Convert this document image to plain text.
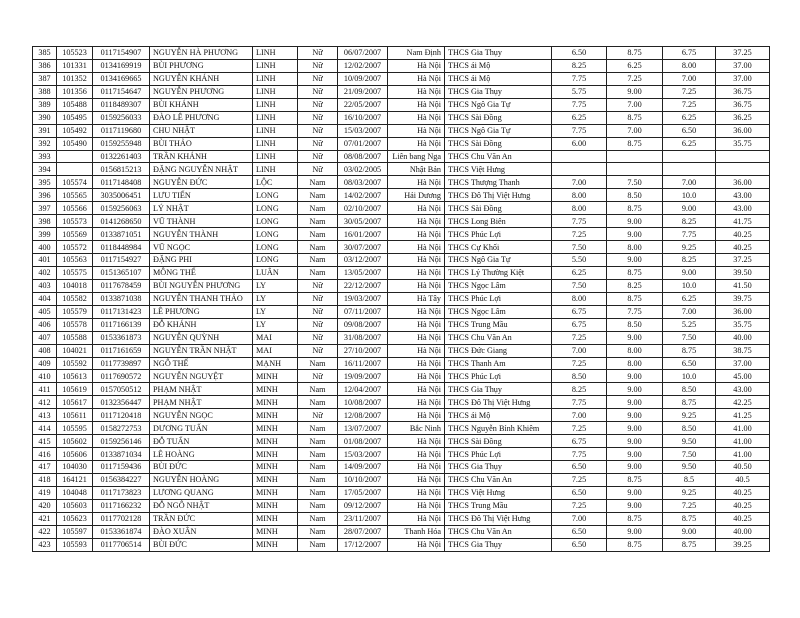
385	105523	0117154907	NGUYỄN HÀ PHƯƠNG	LINH	Nữ	06/07/2007	Nam Định	THCS Gia Thụy	6.50	8.75	6.75	37.25
386	101331	0134169919	BÙI PHƯƠNG	LINH	Nữ	12/02/2007	Hà Nội	THCS ái Mộ	8.25	6.25	8.00	37.00
387	101352	0134169665	NGUYỄN KHÁNH	LINH	Nữ	10/09/2007	Hà Nội	THCS ái Mộ	7.75	7.25	7.00	37.00
388	101356	0117154647	NGUYỄN PHƯƠNG	LINH	Nữ	21/09/2007	Hà Nội	THCS Gia Thụy	5.75	9.00	7.25	36.75
389	105488	0118489307	BÙI KHÁNH	LINH	Nữ	22/05/2007	Hà Nội	THCS Ngô Gia Tự	7.75	7.00	7.25	36.75
390	105495	0159256033	ĐÀO LÊ PHƯƠNG	LINH	Nữ	16/10/2007	Hà Nội	THCS Sài Đồng	6.25	8.75	6.25	36.25
391	105492	0117119680	CHU NHẬT	LINH	Nữ	15/03/2007	Hà Nội	THCS Ngô Gia Tự	7.75	7.00	6.50	36.00
392	105490	0159255948	BÙI THẢO	LINH	Nữ	07/01/2007	Hà Nội	THCS Sài Đồng	6.00	8.75	6.25	35.75
393		0132261403	TRẦN KHÁNH	LINH	Nữ	08/08/2007	Liên bang Nga	THCS Chu Văn An				
394		0156815213	ĐẶNG NGUYỄN NHẬT	LINH	Nữ	03/02/2005	Nhật Bản	THCS Việt Hưng				
395	105574	0117148408	NGUYỄN ĐỨC	LỘC	Nam	08/03/2007	Hà Nội	THCS Thượng Thanh	7.00	7.50	7.00	36.00
396	105565	3035006451	LƯU TIẾN	LONG	Nam	14/02/2007	Hải Dương	THCS Đô Thị Việt Hưng	8.00	8.50	10.0	43.00
397	105566	0159256063	LÝ NHẬT	LONG	Nam	02/10/2007	Hà Nội	THCS Sài Đồng	8.00	8.75	9.00	43.00
398	105573	0141268650	VŨ THÀNH	LONG	Nam	30/05/2007	Hà Nội	THCS Long Biên	7.75	9.00	8.25	41.75
399	105569	0133871051	NGUYỄN THÀNH	LONG	Nam	16/01/2007	Hà Nội	THCS Phúc Lợi	7.25	9.00	7.75	40.25
400	105572	0118448984	VŨ NGỌC	LONG	Nam	30/07/2007	Hà Nội	THCS Cự Khối	7.50	8.00	9.25	40.25
401	105563	0117154927	ĐẶNG PHI	LONG	Nam	03/12/2007	Hà Nội	THCS Ngô Gia Tự	5.50	9.00	8.25	37.25
402	105575	0151365107	MÔNG THẾ	LUÂN	Nam	13/05/2007	Hà Nội	THCS Lý Thường Kiệt	6.25	8.75	9.00	39.50
403	104018	0117678459	BÙI NGUYỄN PHƯƠNG	LY	Nữ	22/12/2007	Hà Nội	THCS Ngọc Lâm	7.50	8.25	10.0	41.50
404	105582	0133871038	NGUYỄN THANH THẢO	LY	Nữ	19/03/2007	Hà Tây	THCS Phúc Lợi	8.00	8.75	6.25	39.75
405	105579	0117131423	LÊ PHƯƠNG	LY	Nữ	07/11/2007	Hà Nội	THCS Ngọc Lâm	6.75	7.75	7.00	36.00
406	105578	0117166139	ĐỖ KHÁNH	LY	Nữ	09/08/2007	Hà Nội	THCS Trung Mầu	6.75	8.50	5.25	35.75
407	105588	0153361873	NGUYỄN QUỲNH	MAI	Nữ	31/08/2007	Hà Nội	THCS Chu Văn An	7.25	9.00	7.50	40.00
408	104021	0117161659	NGUYỄN TRẦN NHẬT	MAI	Nữ	27/10/2007	Hà Nội	THCS Đức Giang	7.00	8.00	8.75	38.75
409	105592	0117739897	NGÔ THẾ	MẠNH	Nam	16/11/2007	Hà Nội	THCS Thanh Am	7.25	8.00	6.50	37.00
410	105613	0117690572	NGUYỄN NGUYỆT	MINH	Nữ	19/09/2007	Hà Nội	THCS Phúc Lợi	8.50	9.00	10.0	45.00
411	105619	0157050512	PHẠM NHẬT	MINH	Nam	12/04/2007	Hà Nội	THCS Gia Thụy	8.25	9.00	8.50	43.00
412	105617	0132356447	PHẠM NHẬT	MINH	Nam	10/08/2007	Hà Nội	THCS Đô Thị Việt Hưng	7.75	9.00	8.75	42.25
413	105611	0117120418	NGUYỄN NGỌC	MINH	Nữ	12/08/2007	Hà Nội	THCS ái Mộ	7.00	9.00	9.25	41.25
414	105595	0158272753	DƯƠNG TUẤN	MINH	Nam	13/07/2007	Bắc Ninh	THCS Nguyễn Bỉnh Khiêm	7.25	9.00	8.50	41.00
415	105602	0159256146	ĐỖ TUẤN	MINH	Nam	01/08/2007	Hà Nội	THCS Sài Đồng	6.75	9.00	9.50	41.00
416	105606	0133871034	LÊ HOÀNG	MINH	Nam	15/03/2007	Hà Nội	THCS Phúc Lợi	7.75	9.00	7.50	41.00
417	104030	0117159436	BÙI ĐỨC	MINH	Nam	14/09/2007	Hà Nội	THCS Gia Thụy	6.50	9.00	9.50	40.50
418	164121	0156384227	NGUYỄN HOÀNG	MINH	Nam	10/10/2007	Hà Nội	THCS Chu Văn An	7.25	8.75	8.5	40.5
419	104048	0117173823	LƯƠNG QUANG	MINH	Nam	17/05/2007	Hà Nội	THCS Việt Hưng	6.50	9.00	9.25	40.25
420	105603	0117166232	ĐỖ NGÔ NHẬT	MINH	Nam	09/12/2007	Hà Nội	THCS Trung Mầu	7.25	9.00	7.25	40.25
421	105623	0117702128	TRẦN ĐỨC	MINH	Nam	23/11/2007	Hà Nội	THCS Đô Thị Việt Hưng	7.00	8.75	8.75	40.25
422	105597	0153361874	ĐÀO XUÂN	MINH	Nam	28/07/2007	Thanh Hóa	THCS Chu Văn An	6.50	9.00	9.00	40.00
423	105593	0117706514	BÙI ĐỨC	MINH	Nam	17/12/2007	Hà Nội	THCS Gia Thụy	6.50	8.75	8.75	39.25
